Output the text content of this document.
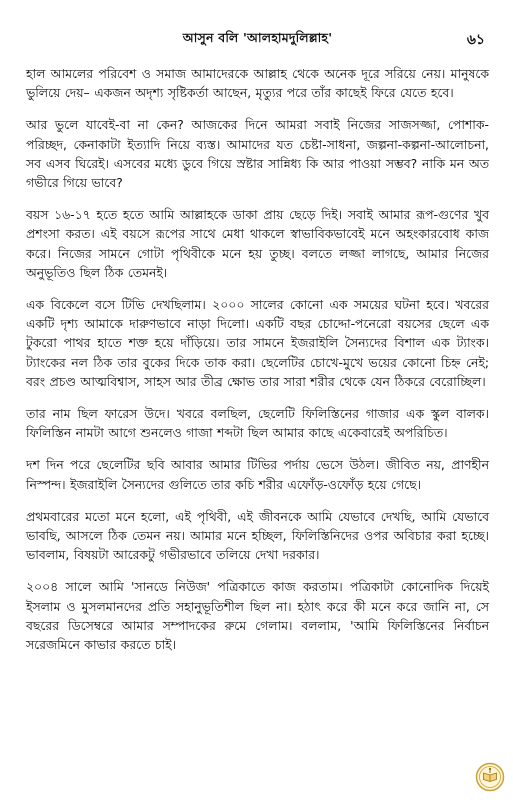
আসুন বলি 'আলহামদুলিল্লাহ'	৬১

হাল আমলের পরিবেশ ও সমাজ আমাদেরকে আল্লাহ থেকে অনেক দূরে সরিয়ে নেয়। মানুষকে ভুলিয়ে দেয়– একজন অদৃশ্য সৃষ্টিকর্তা আছেন, মৃত্যুর পরে তাঁর কাছেই ফিরে যেতে হবে।

আর ভুলে যাবেই-বা না কেন? আজকের দিনে আমরা সবাই নিজের সাজসজ্জা, পোশাক-পরিচ্ছদ, কেনাকাটা ইত্যাদি নিয়ে ব্যস্ত। আমাদের যত চেষ্টা-সাধনা, জল্পনা-কল্পনা-আলোচনা, সব এসব ঘিরেই। এসবের মধ্যে ডুবে গিয়ে স্রষ্টার সান্নিধ্য কি আর পাওয়া সম্ভব? নাকি মন অত গভীরে গিয়ে ভাবে?

বয়স ১৬-১৭ হতে হতে আমি আল্লাহকে ডাকা প্রায় ছেড়ে দিই। সবাই আমার রূপ-গুণের খুব প্রশংসা করত। এই বয়সে রূপের সাথে মেধা থাকলে স্বাভাবিকভাবেই মনে অহংকারবোধ কাজ করে। নিজের সামনে গোটা পৃথিবীকে মনে হয় তুচ্ছ। বলতে লজ্জা লাগছে, আমার নিজের অনুভূতিও ছিল ঠিক তেমনই।

এক বিকেলে বসে টিভি দেখছিলাম। ২০০০ সালের কোনো এক সময়ের ঘটনা হবে। খবরের একটি দৃশ্য আমাকে দারুণভাবে নাড়া দিলো। একটি বছর চোদ্দো-পনেরো বয়সের ছেলে এক টুকরো পাথর হাতে শক্ত হয়ে দাঁড়িয়ে। তার সামনে ইজরাইলি সৈন্যদের বিশাল এক ট্যাংক। ট্যাংকের নল ঠিক তার বুকের দিকে তাক করা। ছেলেটির চোখে-মুখে ভয়ের কোনো চিহ্ন নেই; বরং প্রচণ্ড আত্মবিশ্বাস, সাহস আর তীব্র ক্ষোভ তার সারা শরীর থেকে যেন ঠিকরে বেরোচ্ছিল।

তার নাম ছিল ফারেস উদে। খবরে বলছিল, ছেলেটি ফিলিস্তিনের গাজার এক স্কুল বালক। ফিলিস্তিন নামটা আগে শুনলেও গাজা শব্দটা ছিল আমার কাছে একেবারেই অপরিচিত।

দশ দিন পরে ছেলেটির ছবি আবার আমার টিভির পর্দায় ভেসে উঠল। জীবিত নয়, প্রাণহীন নিস্পন্দ। ইজরাইলি সৈন্যদের গুলিতে তার কচি শরীর এফোঁড়-ওফোঁড় হয়ে গেছে।

প্রথমবারের মতো মনে হলো, এই পৃথিবী, এই জীবনকে আমি যেভাবে দেখছি, আমি যেভাবে ভাবছি, আসলে ঠিক তেমন নয়। আমার মনে হচ্ছিল, ফিলিস্তিনিদের ওপর অবিচার করা হচ্ছে। ভাবলাম, বিষয়টা আরেকটু গভীরভাবে তলিয়ে দেখা দরকার।

২০০৪ সালে আমি 'সানডে নিউজ' পত্রিকাতে কাজ করতাম। পত্রিকাটা কোনোদিক দিয়েই ইসলাম ও মুসলমানদের প্রতি সহানুভূতিশীল ছিল না। হঠাৎ করে কী মনে করে জানি না, সে বছরের ডিসেম্বরে আমার সম্পাদকের রুমে গেলাম। বললাম, 'আমি ফিলিস্তিনের নির্বাচন সরেজমিনে কাভার করতে চাই।
